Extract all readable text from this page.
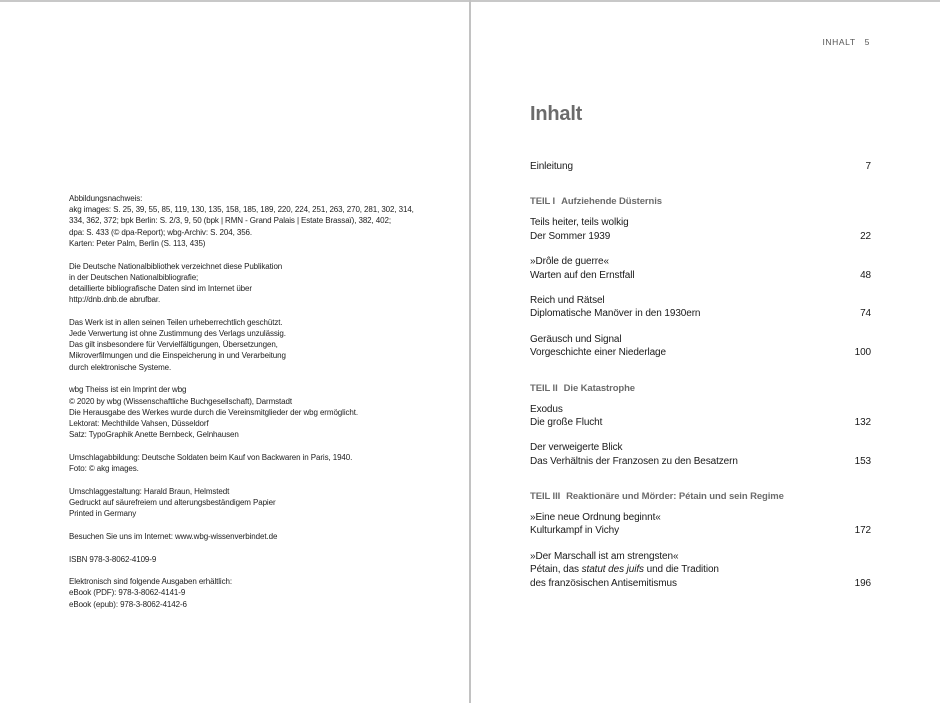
Abbildungsnachweis:
akg images: S. 25, 39, 55, 85, 119, 130, 135, 158, 185, 189, 220, 224, 251, 263, 270, 281, 302, 314,
334, 362, 372; bpk Berlin: S. 2/3, 9, 50 (bpk | RMN - Grand Palais | Estate Brassaï), 382, 402;
dpa: S. 433 (© dpa-Report); wbg-Archiv: S. 204, 356.
Karten: Peter Palm, Berlin (S. 113, 435)
Die Deutsche Nationalbibliothek verzeichnet diese Publikation
in der Deutschen Nationalbibliografie;
detaillierte bibliografische Daten sind im Internet über
http://dnb.dnb.de abrufbar.
Das Werk ist in allen seinen Teilen urheberrechtlich geschützt.
Jede Verwertung ist ohne Zustimmung des Verlags unzulässig.
Das gilt insbesondere für Vervielfältigungen, Übersetzungen,
Mikroverfilmungen und die Einspeicherung in und Verarbeitung
durch elektronische Systeme.
wbg Theiss ist ein Imprint der wbg
© 2020 by wbg (Wissenschaftliche Buchgesellschaft), Darmstadt
Die Herausgabe des Werkes wurde durch die Vereinsmitglieder der wbg ermöglicht.
Lektorat: Mechthilde Vahsen, Düsseldorf
Satz: TypoGraphik Anette Bernbeck, Gelnhausen
Umschlagabbildung: Deutsche Soldaten beim Kauf von Backwaren in Paris, 1940.
Foto: © akg images.
Umschlaggestaltung: Harald Braun, Helmstedt
Gedruckt auf säurefreiem und alterungsbeständigem Papier
Printed in Germany
Besuchen Sie uns im Internet: www.wbg-wissenverbindet.de
ISBN 978-3-8062-4109-9
Elektronisch sind folgende Ausgaben erhältlich:
eBook (PDF): 978-3-8062-4141-9
eBook (epub): 978-3-8062-4142-6
INHALT 5
Inhalt
Einleitung	7
TEIL I Aufziehende Düsternis
Teils heiter, teils wolkig
Der Sommer 1939	22
»Drôle de guerre«
Warten auf den Ernstfall	48
Reich und Rätsel
Diplomatische Manöver in den 1930ern	74
Geräusch und Signal
Vorgeschichte einer Niederlage	100
TEIL II Die Katastrophe
Exodus
Die große Flucht	132
Der verweigerte Blick
Das Verhältnis der Franzosen zu den Besatzern	153
TEIL III Reaktionäre und Mörder: Pétain und sein Regime
»Eine neue Ordnung beginnt«
Kulturkampf in Vichy	172
»Der Marschall ist am strengsten«
Pétain, das statut des juifs und die Tradition
des französischen Antisemitismus	196
